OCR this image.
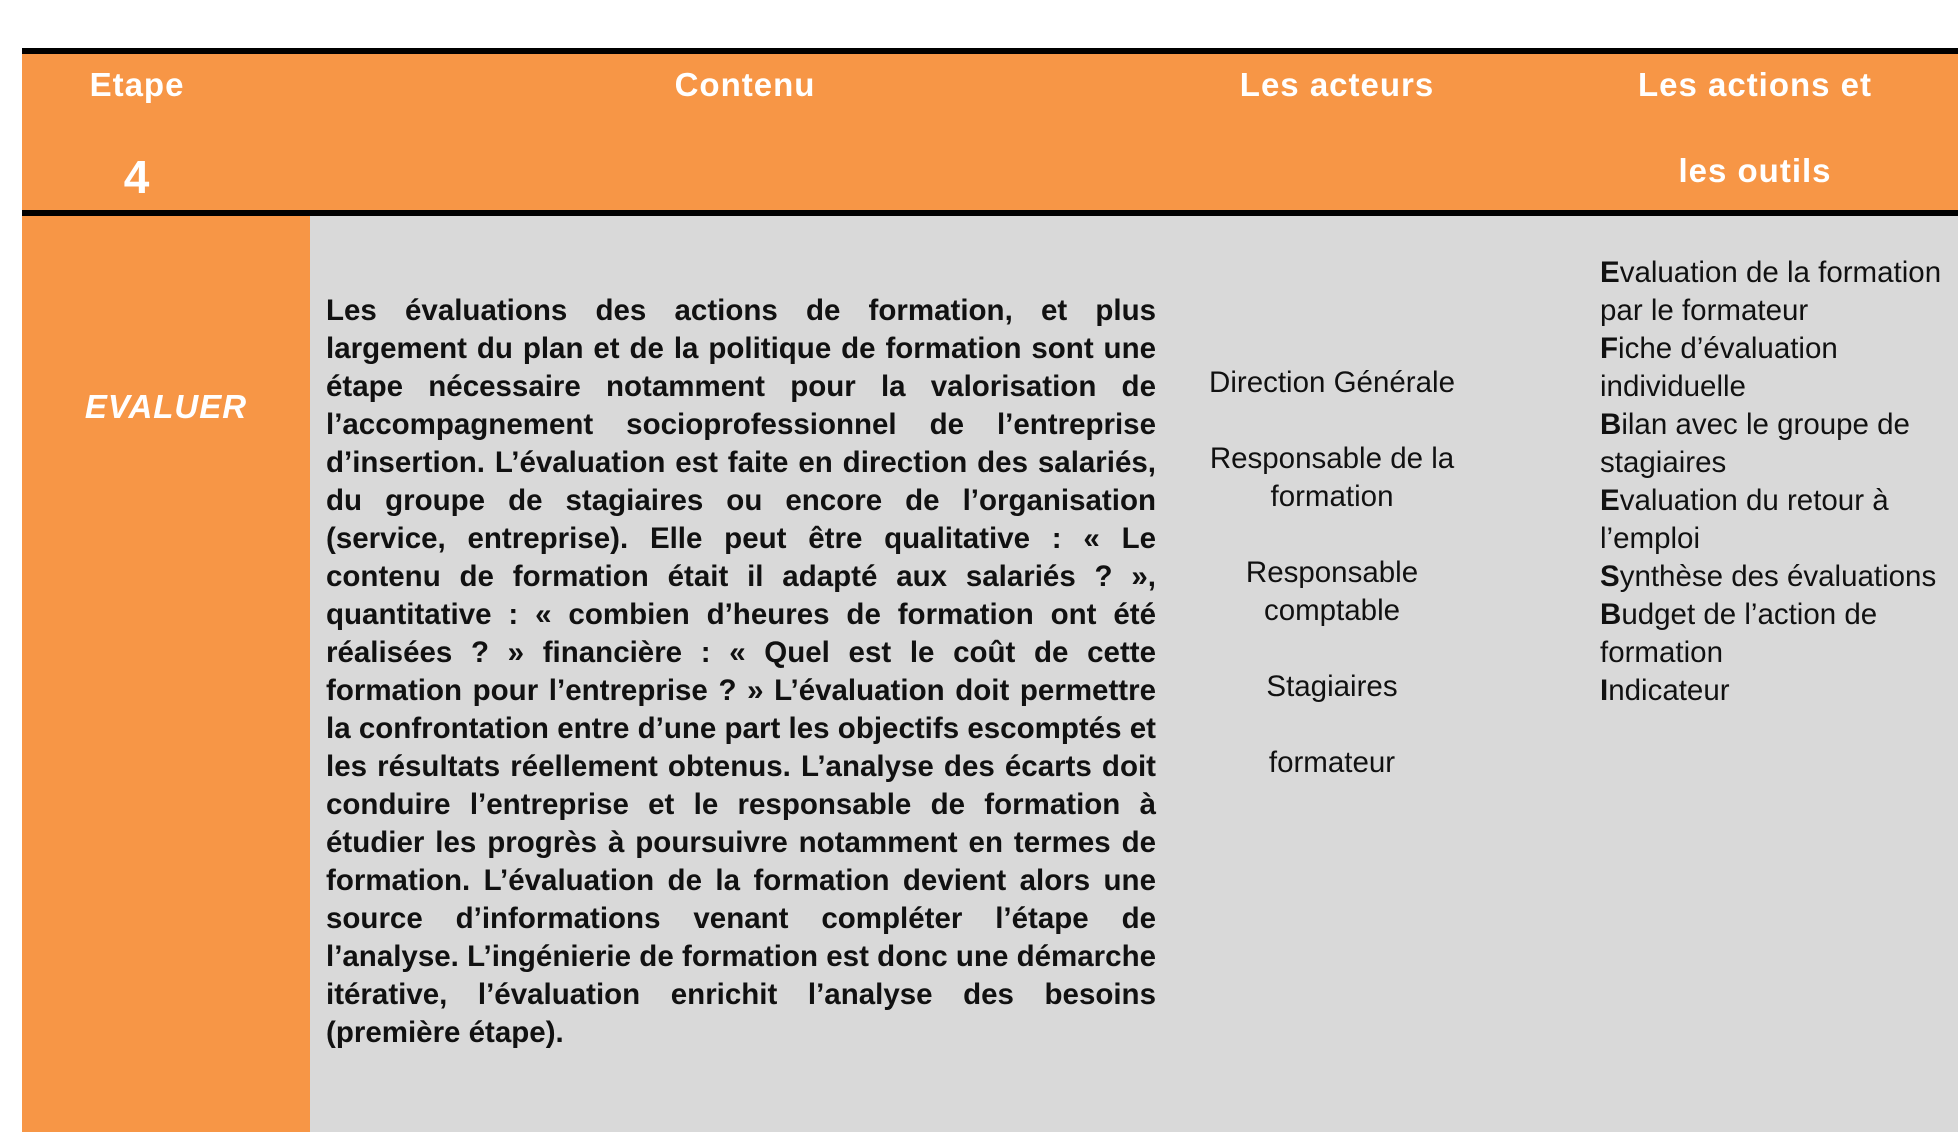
Etape
4
Contenu	Les acteurs	Les actions et
les outils
EVALUER
Les évaluations des actions de formation, et plus largement du plan et de la politique de formation sont une étape nécessaire notamment pour la valorisation de l’accompagnement socioprofessionnel de l’entreprise d’insertion. L’évaluation est faite en direction des salariés, du groupe de stagiaires ou encore de l’organisation (service, entreprise). Elle peut être qualitative : « Le contenu de formation était il adapté aux salariés ? », quantitative : « combien d’heures de formation ont été réalisées ? » financière : « Quel est le coût de cette formation pour l’entreprise ? » L’évaluation doit permettre la confrontation entre d’une part les objectifs escomptés et les résultats réellement obtenus. L’analyse des écarts doit conduire l’entreprise et le responsable de formation à étudier les progrès à poursuivre notamment en termes de formation. L’évaluation de la formation devient alors une source d’informations venant compléter l’étape de l’analyse. L’ingénierie de formation est donc une démarche itérative, l’évaluation enrichit l’analyse des besoins (première étape).
Direction Générale
Responsable de la formation
Responsable comptable
Stagiaires
formateur
Evaluation de la formation par le formateur
Fiche d’évaluation individuelle
Bilan avec le groupe de stagiaires
Evaluation du retour à l’emploi
Synthèse des évaluations
Budget de l’action de formation
Indicateur
